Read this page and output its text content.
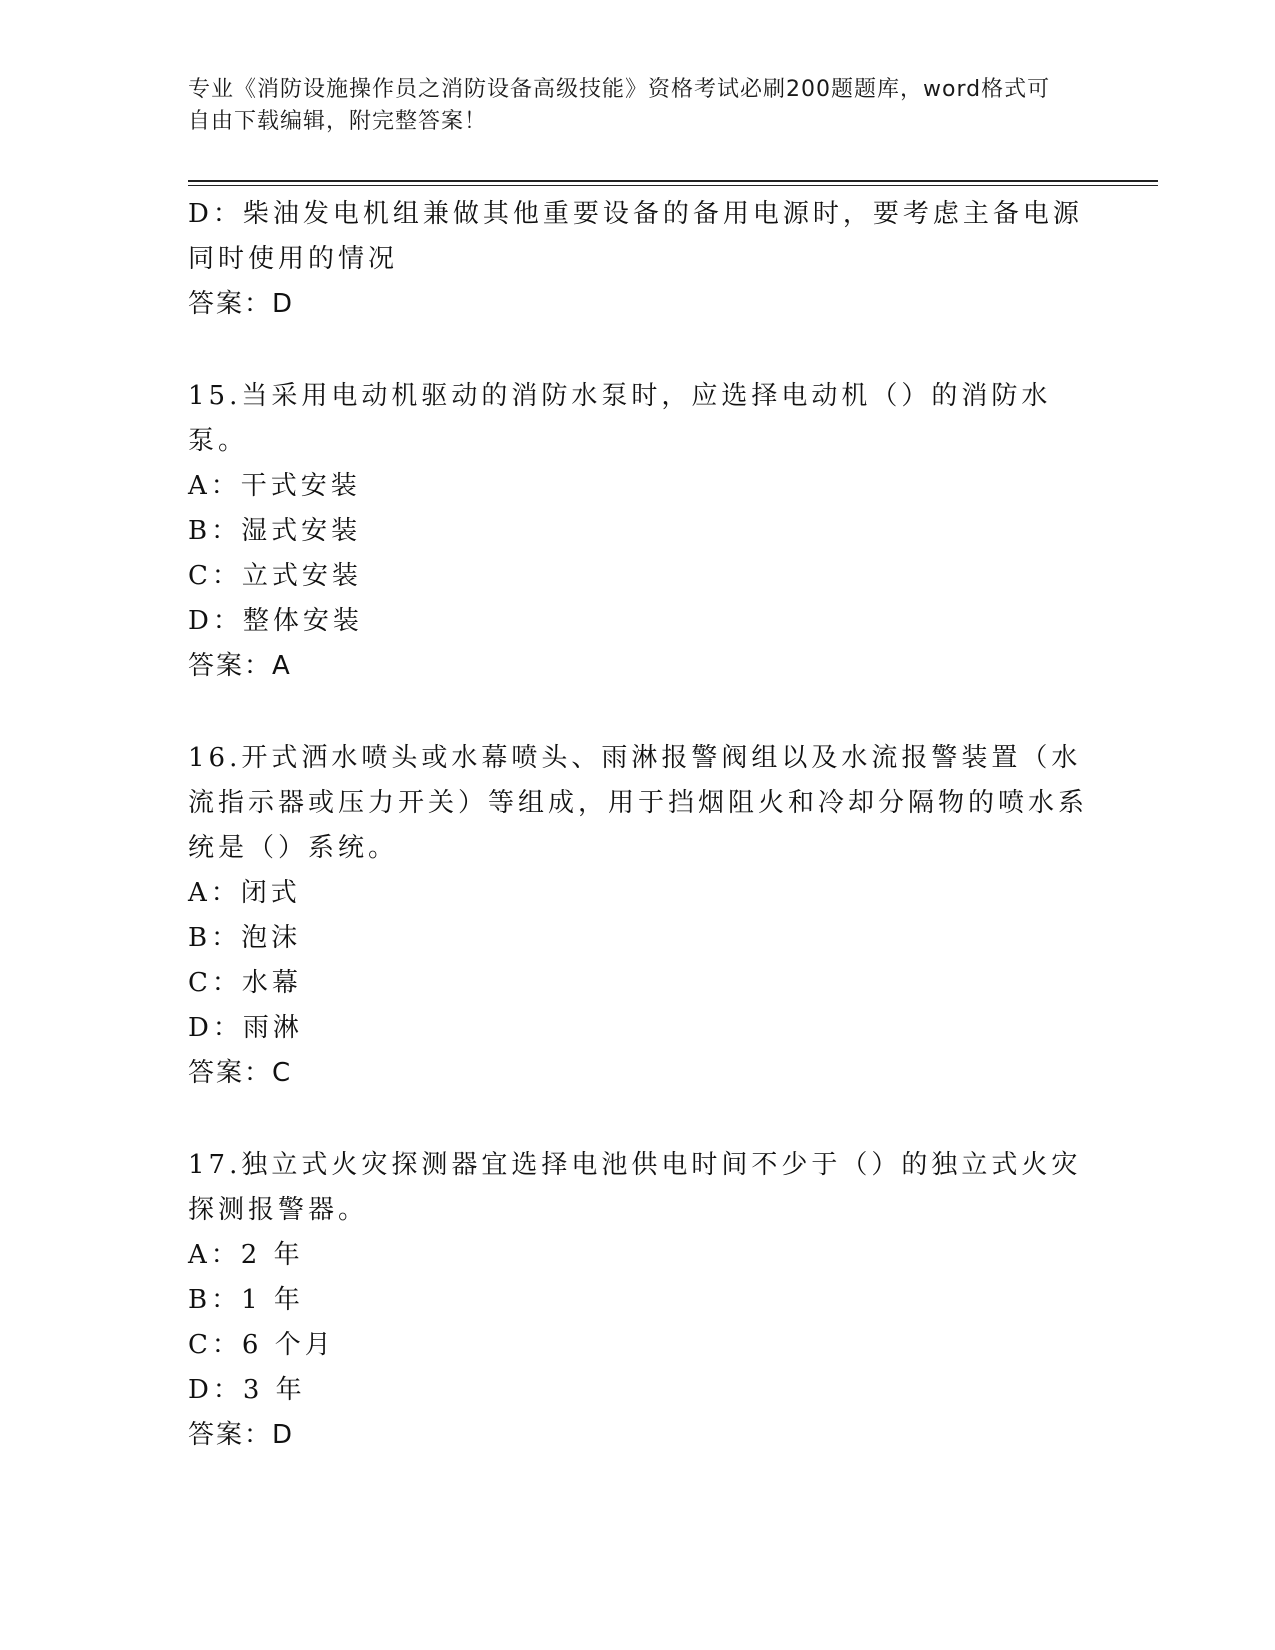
专业《消防设施操作员之消防设备高级技能》资格考试必刷200题题库，word格式可自由下载编辑，附完整答案！

D：柴油发电机组兼做其他重要设备的备用电源时，要考虑主备电源同时使用的情况

答案：D

15.当采用电动机驱动的消防水泵时，应选择电动机（）的消防水泵。

A：干式安装

B：湿式安装

C：立式安装

D：整体安装

答案：A

16.开式洒水喷头或水幕喷头、雨淋报警阀组以及水流报警装置（水流指示器或压力开关）等组成，用于挡烟阻火和冷却分隔物的喷水系统是（）系统。

A：闭式

B：泡沫

C：水幕

D：雨淋

答案：C

17.独立式火灾探测器宜选择电池供电时间不少于（）的独立式火灾探测报警器。

A：2 年

B：1 年

C：6 个月

D：3 年

答案：D
